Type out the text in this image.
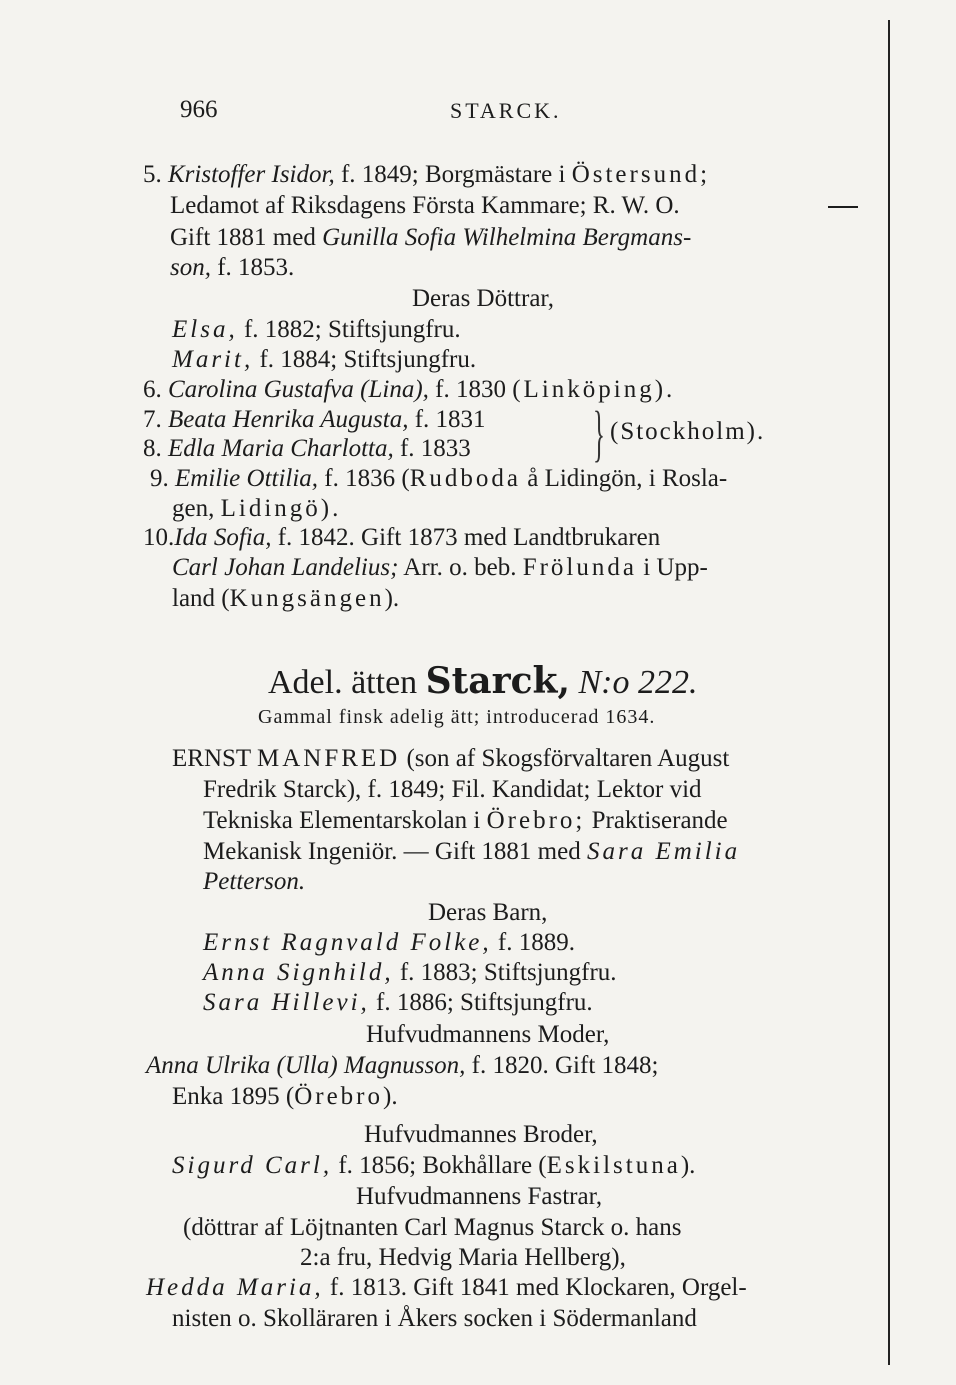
966	STARCK.
5. Kristoffer Isidor, f. 1849; Borgmästare i Östersund;
Ledamot af Riksdagens Första Kammare; R. W. O.
Gift 1881 med Gunilla Sofia Wilhelmina Bergmans-
son, f. 1853.
Deras Döttrar,
Elsa, f. 1882; Stiftsjungfru.
Marit, f. 1884; Stiftsjungfru.
6. Carolina Gustafva (Lina), f. 1830 (Linköping).
7. Beata Henrika Augusta, f. 1831
8. Edla Maria Charlotta, f. 1833 } (Stockholm).
9. Emilie Ottilia, f. 1836 (Rudboda å Lidingön, i Rosla-
gen, Lidingö).
10.Ida Sofia, f. 1842. Gift 1873 med Landtbrukaren
Carl Johan Landelius; Arr. o. beb. Frölunda i Upp-
land (Kungsängen).
Adel. ätten Starck, N:o 222.
Gammal finsk adelig ätt; introducerad 1634.
ERNST MANFRED (son af Skogsförvaltaren August
Fredrik Starck), f. 1849; Fil. Kandidat; Lektor vid
Tekniska Elementarskolan i Örebro; Praktiserande
Mekanisk Ingeniör. — Gift 1881 med Sara Emilia
Petterson.
Deras Barn,
Ernst Ragnvald Folke, f. 1889.
Anna Signhild, f. 1883; Stiftsjungfru.
Sara Hillevi, f. 1886; Stiftsjungfru.
Hufvudmannens Moder,
Anna Ulrika (Ulla) Magnusson, f. 1820. Gift 1848;
Enka 1895 (Örebro).
Hufvudmannes Broder,
Sigurd Carl, f. 1856; Bokhållare (Eskilstuna).
Hufvudmannens Fastrar,
(döttrar af Löjtnanten Carl Magnus Starck o. hans
2:a fru, Hedvig Maria Hellberg),
Hedda Maria, f. 1813. Gift 1841 med Klockaren, Orgel-
nisten o. Skolläraren i Åkers socken i Södermanland
